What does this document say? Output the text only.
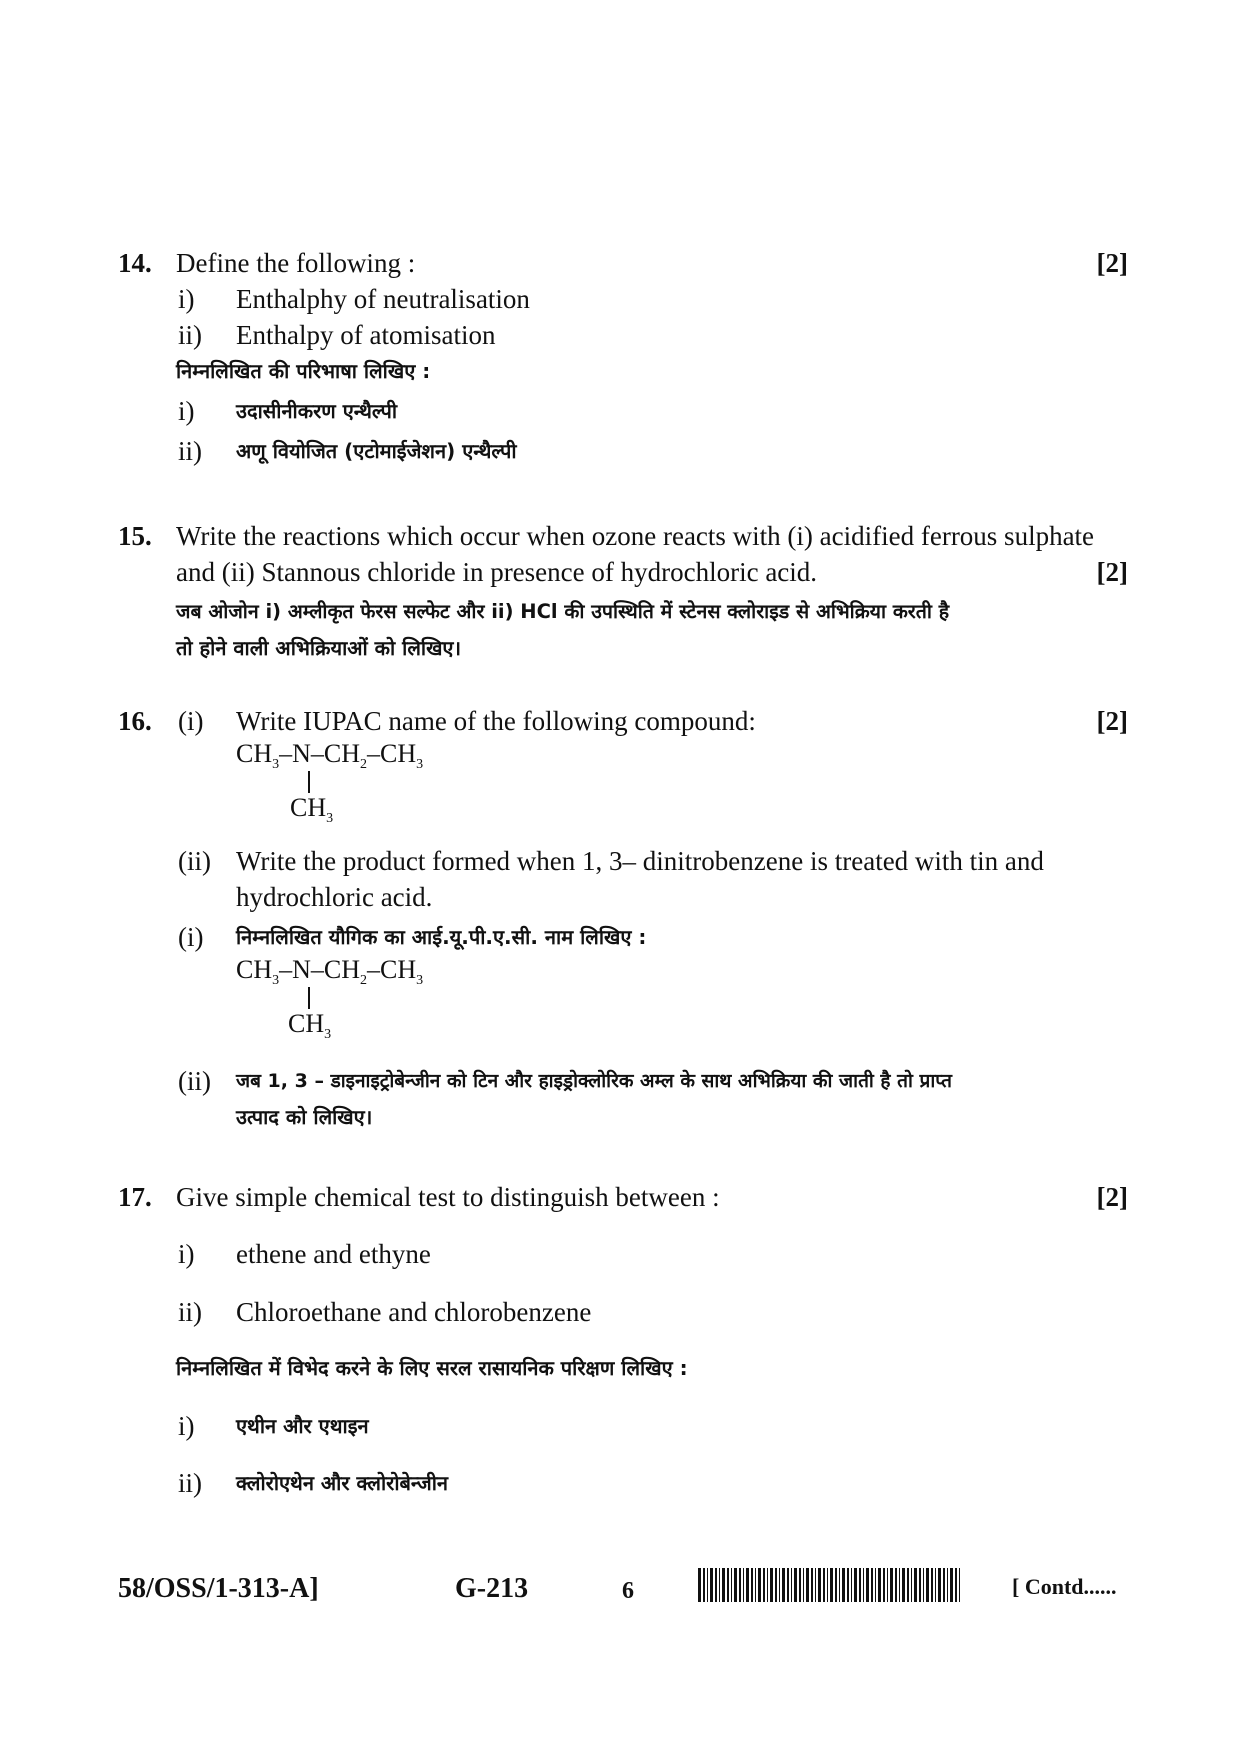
14. Define the following :	[2]
i) Enthalphy of neutralisation
ii) Enthalpy of atomisation
निम्नलिखित की परिभाषा लिखिए :
i) उदासीनीकरण एन्थैल्पी
ii) अणू वियोजित (एटोमाईजेशन) एन्थैल्पी
15. Write the reactions which occur when ozone reacts with (i) acidified ferrous sulphate
and (ii) Stannous chloride in presence of hydrochloric acid.	[2]
जब ओजोन i) अम्लीकृत फेरस सल्फेट और ii) HCl की उपस्थिति में स्टेनस क्लोराइड से अभिक्रिया करती है
तो होने वाली अभिक्रियाओं को लिखिए।
16. (i) Write IUPAC name of the following compound:	[2]
$CH_3-N-CH_2-CH_3$
$CH_3$
(ii) Write the product formed when 1, 3– dinitrobenzene is treated with tin and
hydrochloric acid.
(i) निम्नलिखित यौगिक का आई.यू.पी.ए.सी. नाम लिखिए :
$CH_3-N-CH_2-CH_3$
$CH_3$
(ii) जब 1, 3 – डाइनाइट्रोबेन्जीन को टिन और हाइड्रोक्लोरिक अम्ल के साथ अभिक्रिया की जाती है तो प्राप्त
उत्पाद को लिखिए।
17. Give simple chemical test to distinguish between :	[2]
i) ethene and ethyne
ii) Chloroethane and chlorobenzene
निम्नलिखित में विभेद करने के लिए सरल रासायनिक परिक्षण लिखिए :
i) एथीन और एथाइन
ii) क्लोरोएथेन और क्लोरोबेन्जीन
58/OSS/1-313-A]	G-213	6	[ Contd......
